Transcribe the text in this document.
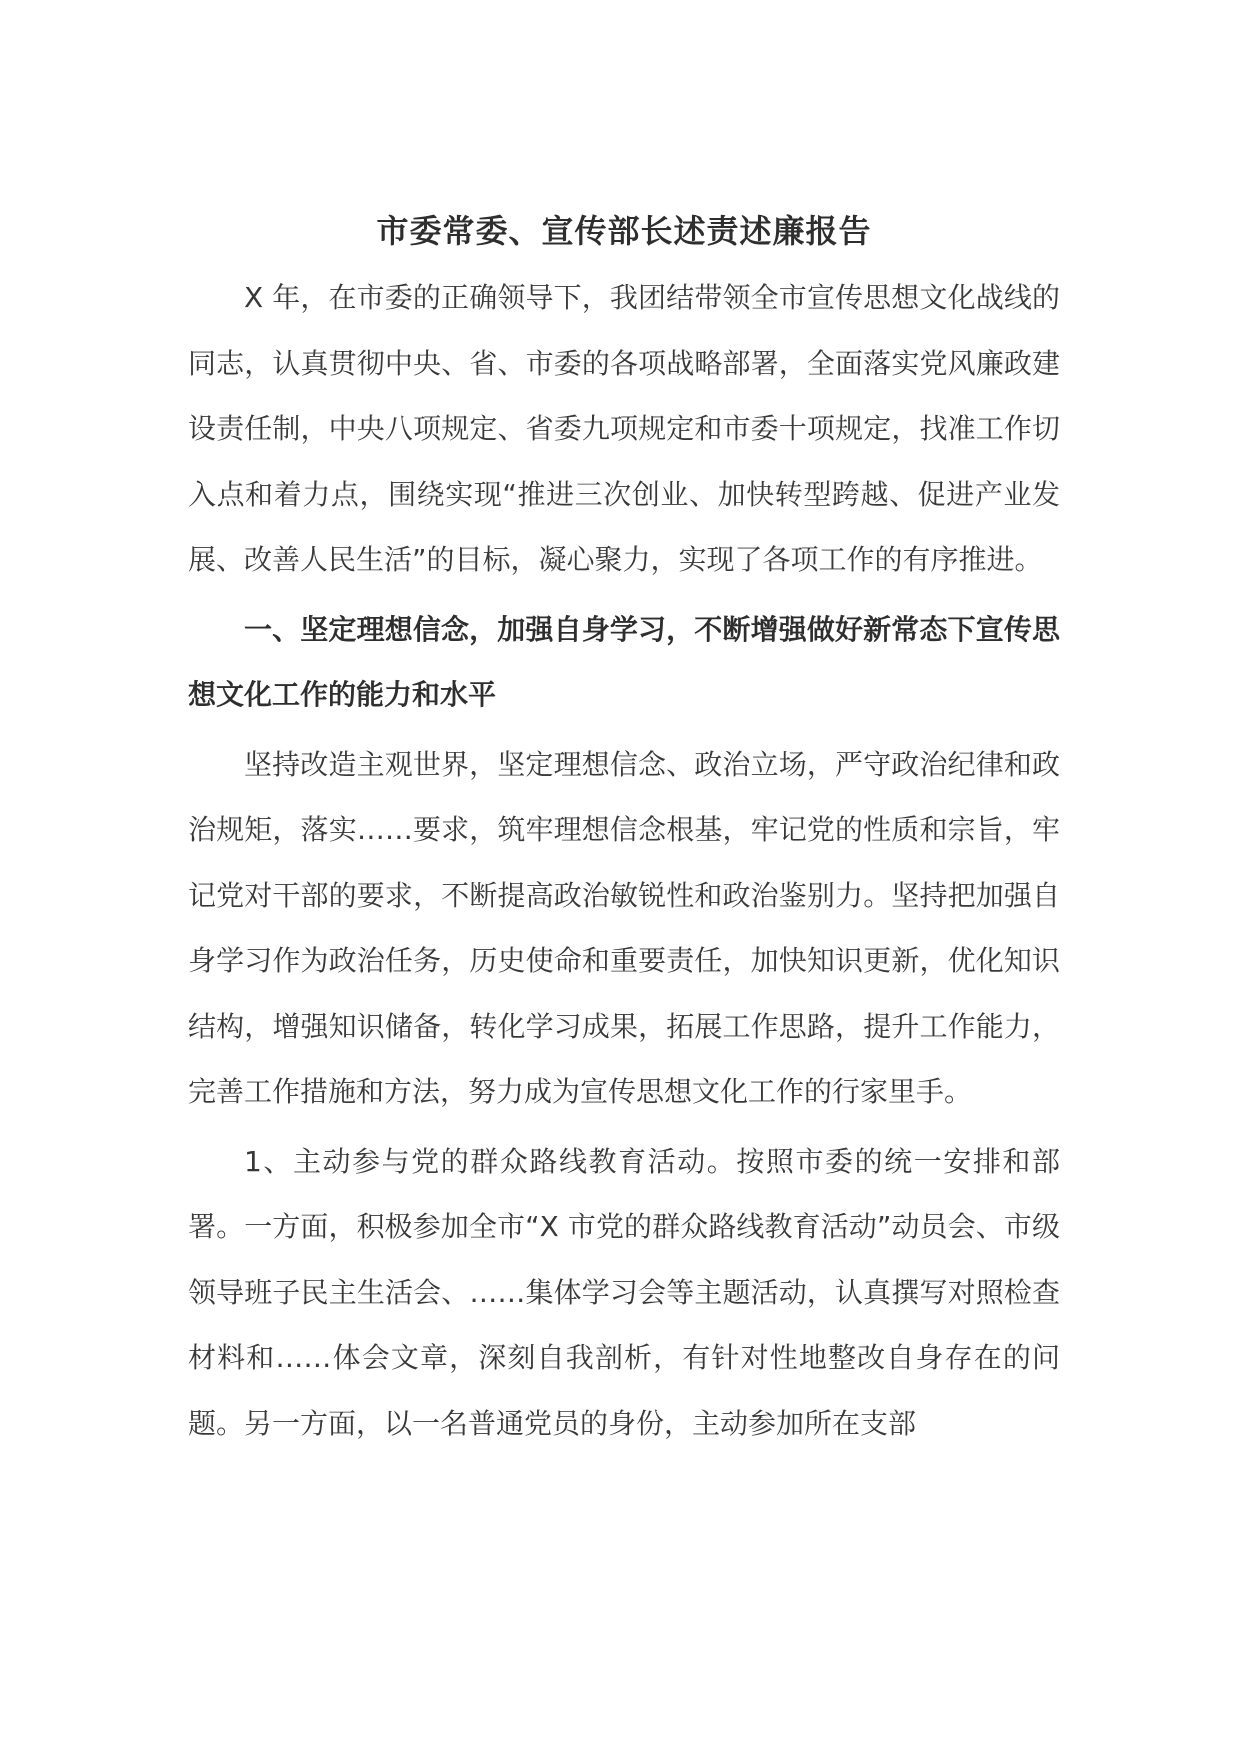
市委常委、宣传部长述责述廉报告

X 年，在市委的正确领导下，我团结带领全市宣传思想文化战线的同志，认真贯彻中央、省、市委的各项战略部署，全面落实党风廉政建设责任制，中央八项规定、省委九项规定和市委十项规定，找准工作切入点和着力点，围绕实现“推进三次创业、加快转型跨越、促进产业发展、改善人民生活”的目标，凝心聚力，实现了各项工作的有序推进。

一、坚定理想信念，加强自身学习，不断增强做好新常态下宣传思想文化工作的能力和水平

坚持改造主观世界，坚定理想信念、政治立场，严守政治纪律和政治规矩，落实……要求，筑牢理想信念根基，牢记党的性质和宗旨，牢记党对干部的要求，不断提高政治敏锐性和政治鉴别力。坚持把加强自身学习作为政治任务，历史使命和重要责任，加快知识更新，优化知识结构，增强知识储备，转化学习成果，拓展工作思路，提升工作能力，完善工作措施和方法，努力成为宣传思想文化工作的行家里手。

1、主动参与党的群众路线教育活动。按照市委的统一安排和部署。一方面，积极参加全市“X 市党的群众路线教育活动”动员会、市级领导班子民主生活会、……集体学习会等主题活动，认真撰写对照检查材料和……体会文章，深刻自我剖析，有针对性地整改自身存在的问题。另一方面，以一名普通党员的身份，主动参加所在支部
